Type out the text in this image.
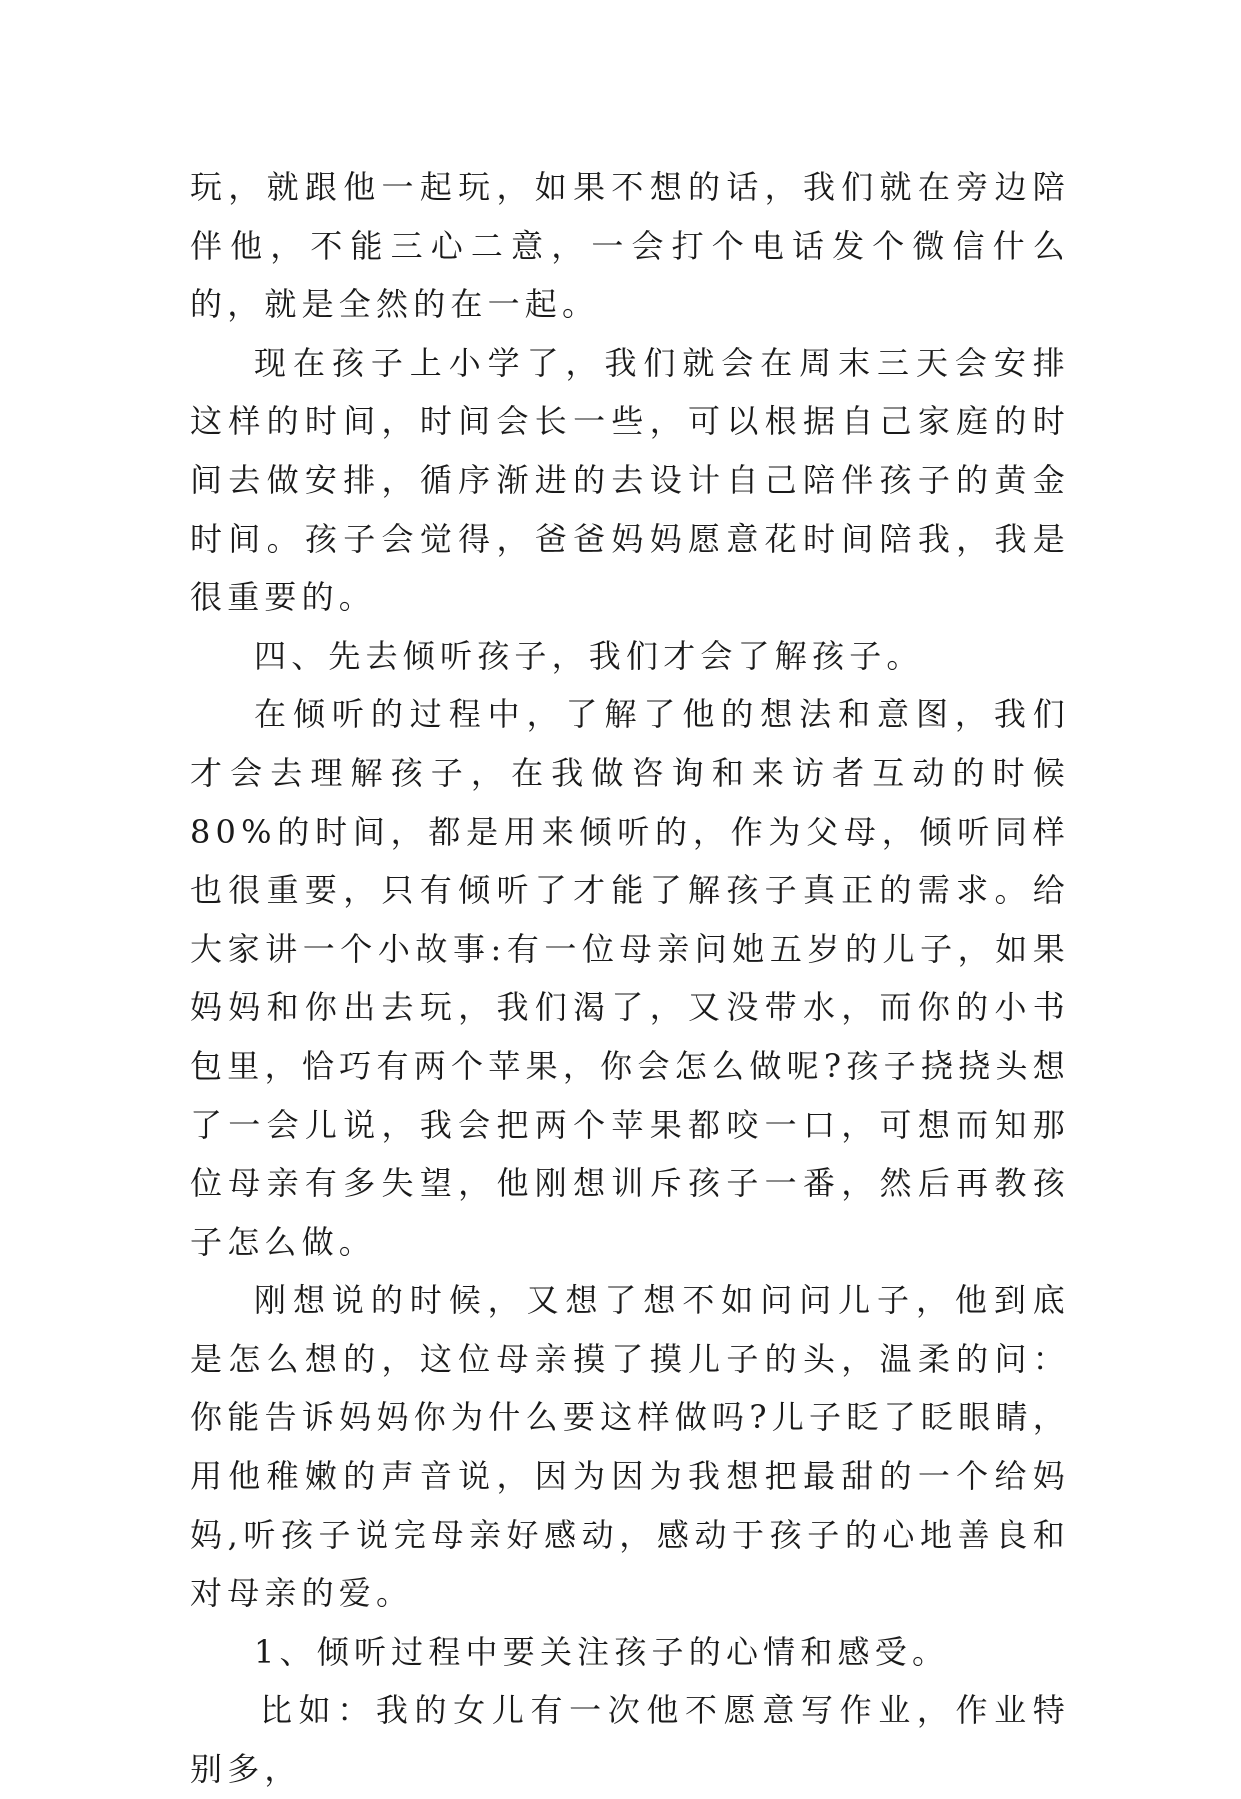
玩，就跟他一起玩，如果不想的话，我们就在旁边陪伴他，不能三心二意，一会打个电话发个微信什么的，就是全然的在一起。

现在孩子上小学了，我们就会在周末三天会安排这样的时间，时间会长一些，可以根据自己家庭的时间去做安排，循序渐进的去设计自己陪伴孩子的黄金时间。孩子会觉得，爸爸妈妈愿意花时间陪我，我是很重要的。

四、先去倾听孩子，我们才会了解孩子。

在倾听的过程中，了解了他的想法和意图，我们才会去理解孩子，在我做咨询和来访者互动的时候80%的时间，都是用来倾听的，作为父母，倾听同样也很重要，只有倾听了才能了解孩子真正的需求。给大家讲一个小故事:有一位母亲问她五岁的儿子，如果妈妈和你出去玩，我们渴了，又没带水，而你的小书包里，恰巧有两个苹果，你会怎么做呢?孩子挠挠头想了一会儿说，我会把两个苹果都咬一口，可想而知那位母亲有多失望，他刚想训斥孩子一番，然后再教孩子怎么做。

刚想说的时候，又想了想不如问问儿子，他到底是怎么想的，这位母亲摸了摸儿子的头，温柔的问：你能告诉妈妈你为什么要这样做吗?儿子眨了眨眼睛，用他稚嫩的声音说，因为因为我想把最甜的一个给妈妈,听孩子说完母亲好感动，感动于孩子的心地善良和对母亲的爱。

1、倾听过程中要关注孩子的心情和感受。

比如：我的女儿有一次他不愿意写作业，作业特别多，
